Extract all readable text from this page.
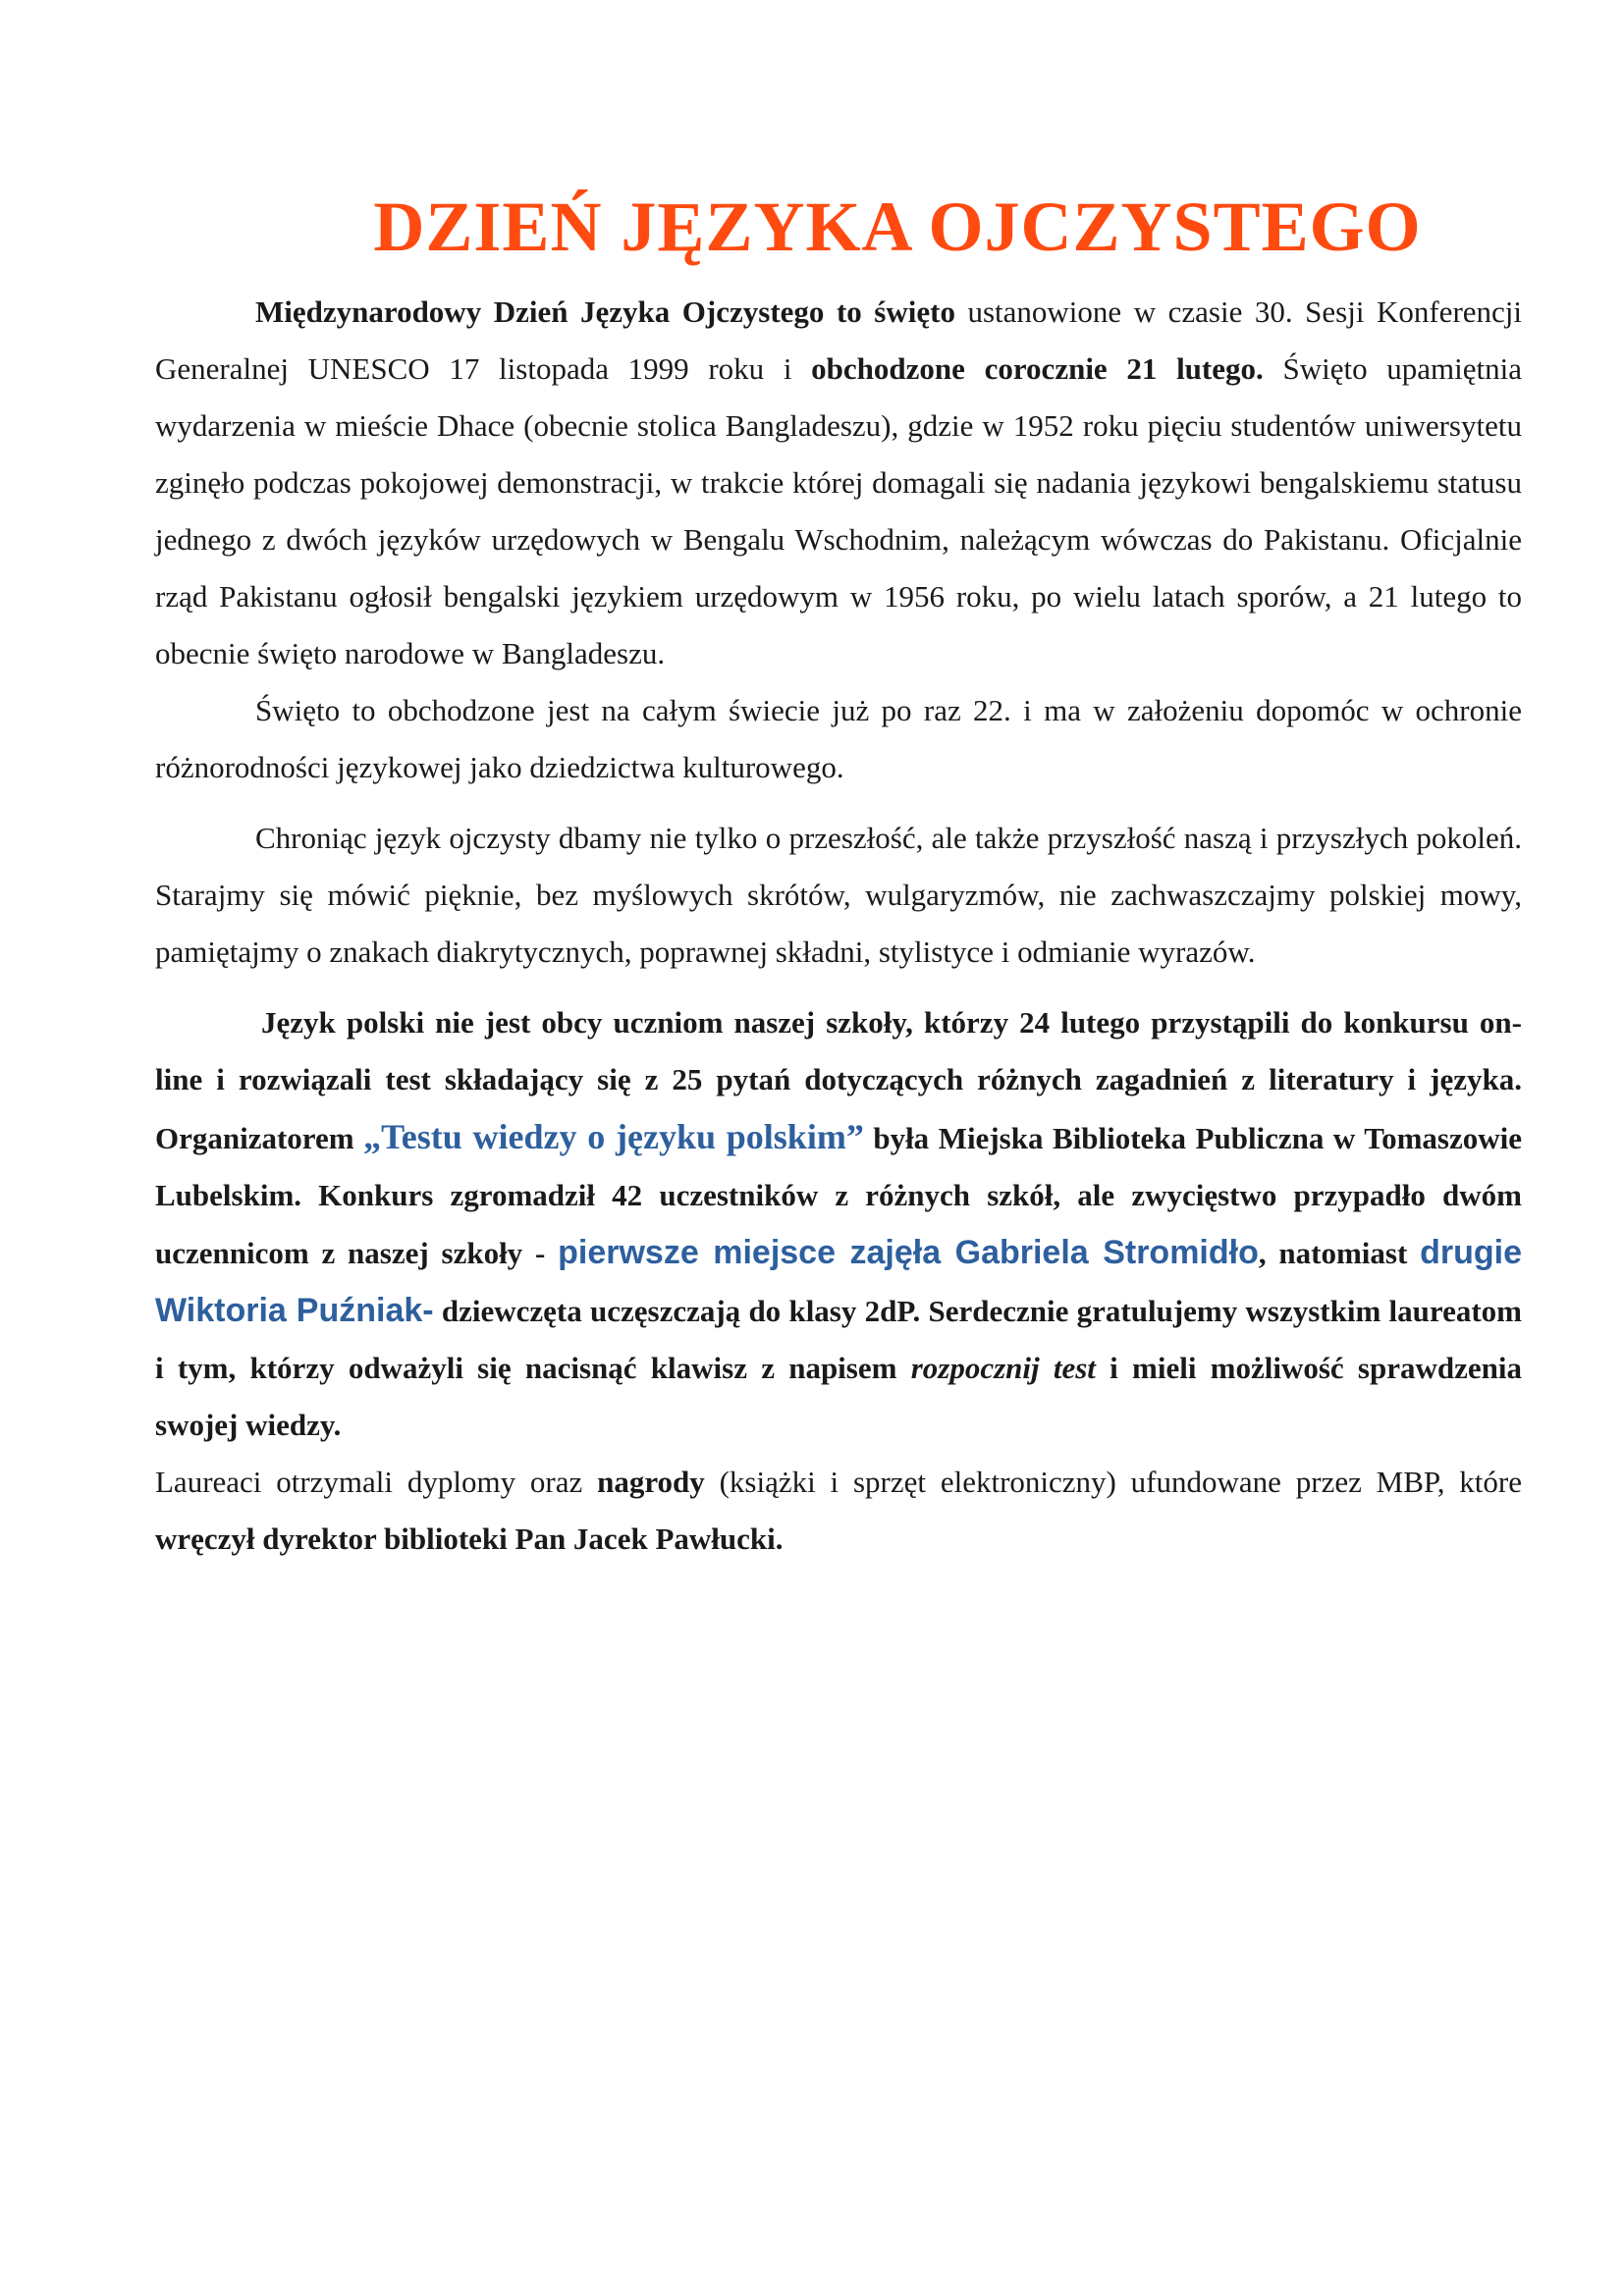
DZIEŃ JĘZYKA OJCZYSTEGO

Międzynarodowy Dzień Języka Ojczystego to święto ustanowione w czasie 30. Sesji Konferencji Generalnej UNESCO 17 listopada 1999 roku i obchodzone corocznie 21 lutego. Święto upamiętnia wydarzenia w mieście Dhace (obecnie stolica Bangladeszu), gdzie w 1952 roku pięciu studentów uniwersytetu zginęło podczas pokojowej demonstracji, w trakcie której domagali się nadania językowi bengalskiemu statusu jednego z dwóch języków urzędowych w Bengalu Wschodnim, należącym wówczas do Pakistanu. Oficjalnie rząd Pakistanu ogłosił bengalski językiem urzędowym w 1956 roku, po wielu latach sporów, a 21 lutego to obecnie święto narodowe w Bangladeszu.

Święto to obchodzone jest na całym świecie już po raz 22. i ma w założeniu dopomóc w ochronie różnorodności językowej jako dziedzictwa kulturowego.

Chroniąc język ojczysty dbamy nie tylko o przeszłość, ale także przyszłość naszą i przyszłych pokoleń. Starajmy się mówić pięknie, bez myślowych skrótów, wulgaryzmów, nie zachwaszczajmy polskiej mowy, pamiętajmy o znakach diakrytycznych, poprawnej składni, stylistyce i odmianie wyrazów.

Język polski nie jest obcy uczniom naszej szkoły, którzy 24 lutego przystąpili do konkursu on-line i rozwiązali test składający się z 25 pytań dotyczących różnych zagadnień z literatury i języka. Organizatorem „Testu wiedzy o języku polskim” była Miejska Biblioteka Publiczna w Tomaszowie Lubelskim. Konkurs zgromadził 42 uczestników z różnych szkół, ale zwycięstwo przypadło dwóm uczennicom z naszej szkoły - pierwsze miejsce zajęła Gabriela Stromidło, natomiast drugie Wiktoria Puźniak- dziewczęta uczęszczają do klasy 2dP. Serdecznie gratulujemy wszystkim laureatom i tym, którzy odważyli się nacisnąć klawisz z napisem rozpocznij test i mieli możliwość sprawdzenia swojej wiedzy.

Laureaci otrzymali dyplomy oraz nagrody (książki i sprzęt elektroniczny) ufundowane przez MBP, które wręczył dyrektor biblioteki Pan Jacek Pawłucki.
